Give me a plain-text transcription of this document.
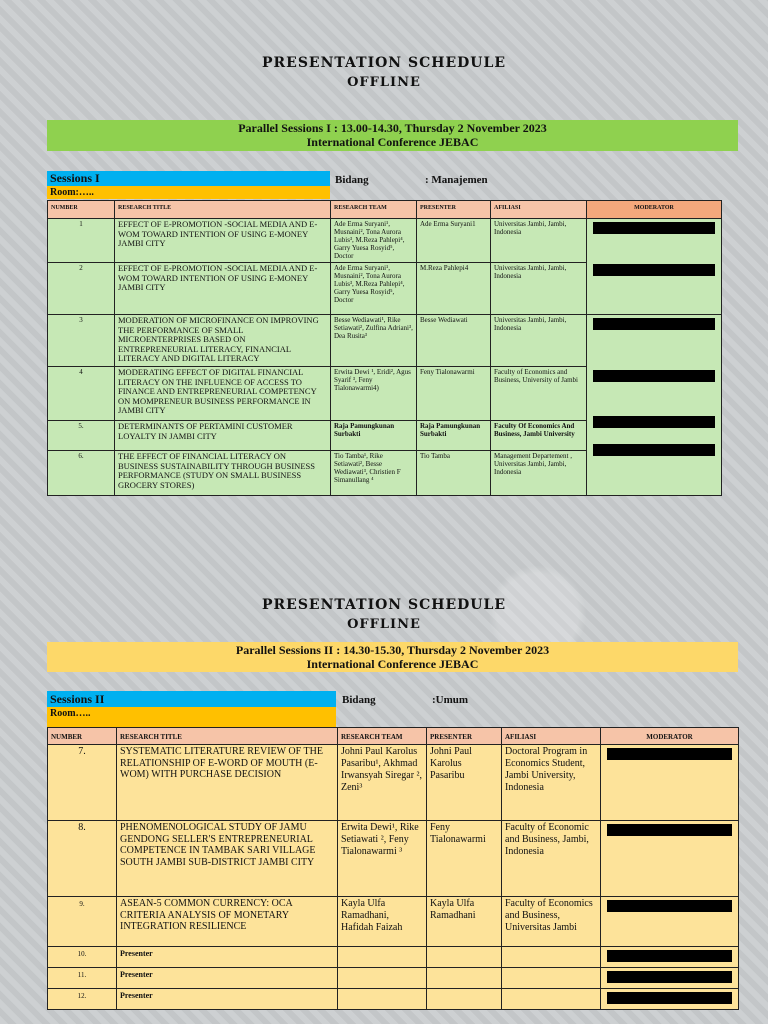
PRESENTATION SCHEDULE
OFFLINE
Parallel Sessions I : 13.00-14.30, Thursday 2 November 2023
International Conference JEBAC
Sessions I
Room:…..
Bidang	: Manajemen
NUMBER	RESEARCH TITLE	RESEARCH TEAM	PRESENTER	AFILIASI	MODERATOR
1	EFFECT OF E-PROMOTION -SOCIAL MEDIA AND E-WOM TOWARD INTENTION OF USING E-MONEY JAMBI CITY	Ade Erma Suryani¹, Musnaini², Tona Aurora Lubis³, M.Reza Pahlepi⁴, Garry Yuesa Rosyid⁵, Doctor	Ade Erma Suryani1	Universitas Jambi, Jambi, Indonesia	

2	EFFECT OF E-PROMOTION -SOCIAL MEDIA AND E-WOM TOWARD INTENTION OF USING E-MONEY JAMBI CITY	Ade Erma Suryani¹, Musnaini², Tona Aurora Lubis³, M.Reza Pahlepi⁴, Garry Yuesa Rosyid⁵, Doctor	M.Reza Pahlepi4	Universitas Jambi, Jambi, Indonesia	
3	MODERATION OF MICROFINANCE ON IMPROVING THE PERFORMANCE OF SMALL MICROENTERPRISES BASED ON ENTREPRENEURIAL LITERACY, FINANCIAL LITERACY AND DIGITAL LITERACY	Besse Wediawati¹, Rike Setiawati², Zulfina Adriani³, Dea Rusita³	Besse Wediawati	Universitas Jambi, Jambi, Indonesia	

4	MODERATING EFFECT OF DIGITAL FINANCIAL LITERACY ON THE INFLUENCE OF ACCESS TO FINANCE AND ENTREPRENEURIAL COMPETENCY ON MOMPRENEUR BUSINESS PERFORMANCE IN JAMBI CITY	Erwita Dewi ¹, Eridi², Agus Syarif ³, Feny Tialonawarmi4)	Feny Tialonawarmi	Faculty of Economics and Business, University of Jambi	
5.	DETERMINANTS OF PERTAMINI CUSTOMER LOYALTY IN JAMBI CITY	Raja Pamungkunan Surbakti	Raja Pamungkunan Surbakti	Faculty Of Economics And Business, Jambi University	
6.	THE EFFECT OF FINANCIAL LITERACY ON BUSINESS SUSTAINABILITY THROUGH BUSINESS PERFORMANCE (STUDY ON SMALL BUSINESS GROCERY STORES)	Tio Tamba¹, Rike Setiawati², Besse Wediawati³, Christien F Simanullang ⁴	Tio Tamba	Management Departement , Universitas Jambi, Jambi, Indonesia	
PRESENTATION SCHEDULE
OFFLINE
Parallel Sessions II : 14.30-15.30, Thursday 2 November 2023
International Conference JEBAC
Sessions II
Room…..
Bidang	:Umum
NUMBER	RESEARCH TITLE	RESEARCH TEAM	PRESENTER	AFILIASI	MODERATOR
7.	SYSTEMATIC LITERATURE REVIEW OF THE RELATIONSHIP OF E-WORD OF MOUTH (E-WOM) WITH PURCHASE DECISION	Johni Paul Karolus Pasaribu¹, Akhmad Irwansyah Siregar ², Zeni³	Johni Paul Karolus Pasaribu	Doctoral Program in Economics Student, Jambi University, Indonesia	

8.	PHENOMENOLOGICAL STUDY OF JAMU GENDONG SELLER'S ENTREPRENEURIAL COMPETENCE IN TAMBAK SARI VILLAGE SOUTH JAMBI SUB-DISTRICT JAMBI CITY	Erwita Dewi¹, Rike Setiawati ², Feny Tialonawarmi ³	Feny Tialonawarmi	Faculty of Economic and Business, Jambi, Indonesia	

9.	ASEAN-5 COMMON CURRENCY: OCA CRITERIA ANALYSIS OF MONETARY INTEGRATION RESILIENCE	Kayla Ulfa Ramadhani, Hafidah Faizah	Kayla Ulfa Ramadhani	Faculty of Economics and Business, Universitas Jambi	

10.	Presenter				

11.	Presenter				

12.	Presenter				
